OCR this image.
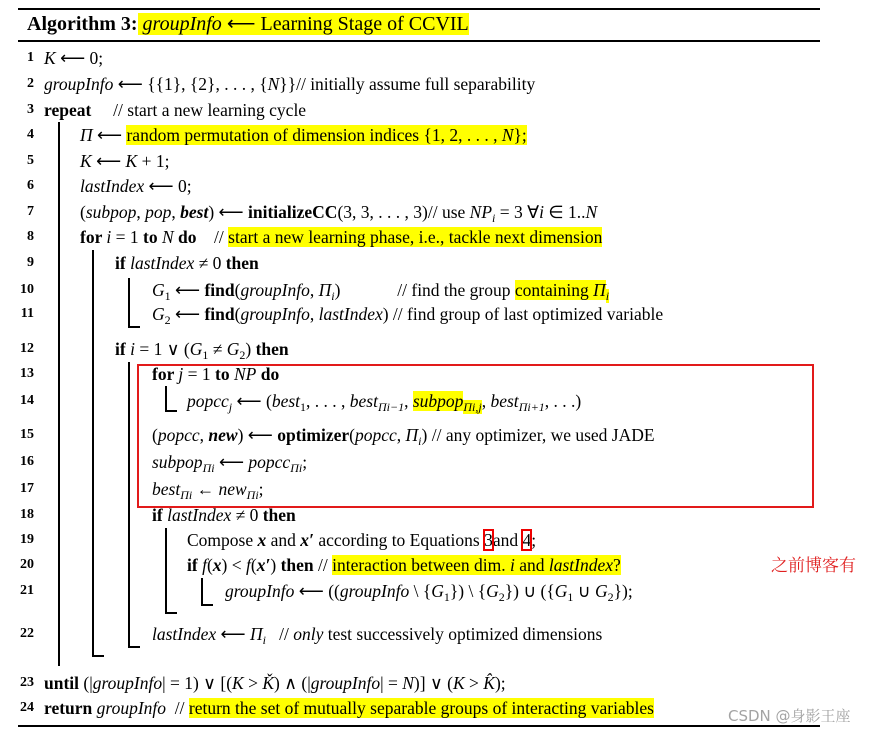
Algorithm 3: groupInfo ⟵ Learning Stage of CCVIL
1 K ⟵ 0;
2 groupInfo ⟵ {{1}, {2}, . . . , {N}}// initially assume full separability
3 repeat     // start a new learning cycle
4	Π ⟵ random permutation of dimension indices {1, 2, . . . , N};
5	K ⟵ K + 1;
6	lastIndex ⟵ 0;
7	(subpop, pop, best) ⟵ initializeCC(3, 3, . . . , 3)// use $NP_i = 3$ ∀i ∈ 1..N
8	for i = 1 to N do    // start a new learning phase, i.e., tackle next dimension
9	if lastIndex ≠ 0 then
10	$G_1$ ⟵ find(groupInfo, $\Pi_i$)             // find the group containing $\Pi_i$
11	$G_2$ ⟵ find(groupInfo, lastIndex) // find group of last optimized variable
12	if i = 1 ∨ $(G_1 \ne G_2)$ then
13	for j = 1 to NP do
14	popcc$_j$ ⟵ (best$_1$, . . . , best$_{\Pi i-1}$, subpop$_{\Pi i,j}$, best$_{\Pi i+1}$, . . .)
15	(popcc, new) ⟵ optimizer(popcc, $\Pi_i$) // any optimizer, we used JADE
16	subpop$_{\Pi i}$ ⟵ popcc$_{\Pi i}$;
17	best$_{\Pi i}$ ← new$_{\Pi i}$;
18	if lastIndex ≠ 0 then
19	Compose x and x′ according to Equations 3and 4;
20	if f(x) < f(x′) then // interaction between dim. i and lastIndex?
21	groupInfo ⟵ ((groupInfo \ $\{G_1\}$) \ $\{G_2\}$) ∪ ({$G_1$ ∪ $G_2$});
22	lastIndex ⟵ $\Pi_i$   // only test successively optimized dimensions
23 until (|groupInfo| = 1) ∨ [(K > Ǩ) ∧ (|groupInfo| = N)] ∨ (K > K̂);
24 return groupInfo  // return the set of mutually separable groups of interacting variables
之前博客有
CSDN @身影王座
